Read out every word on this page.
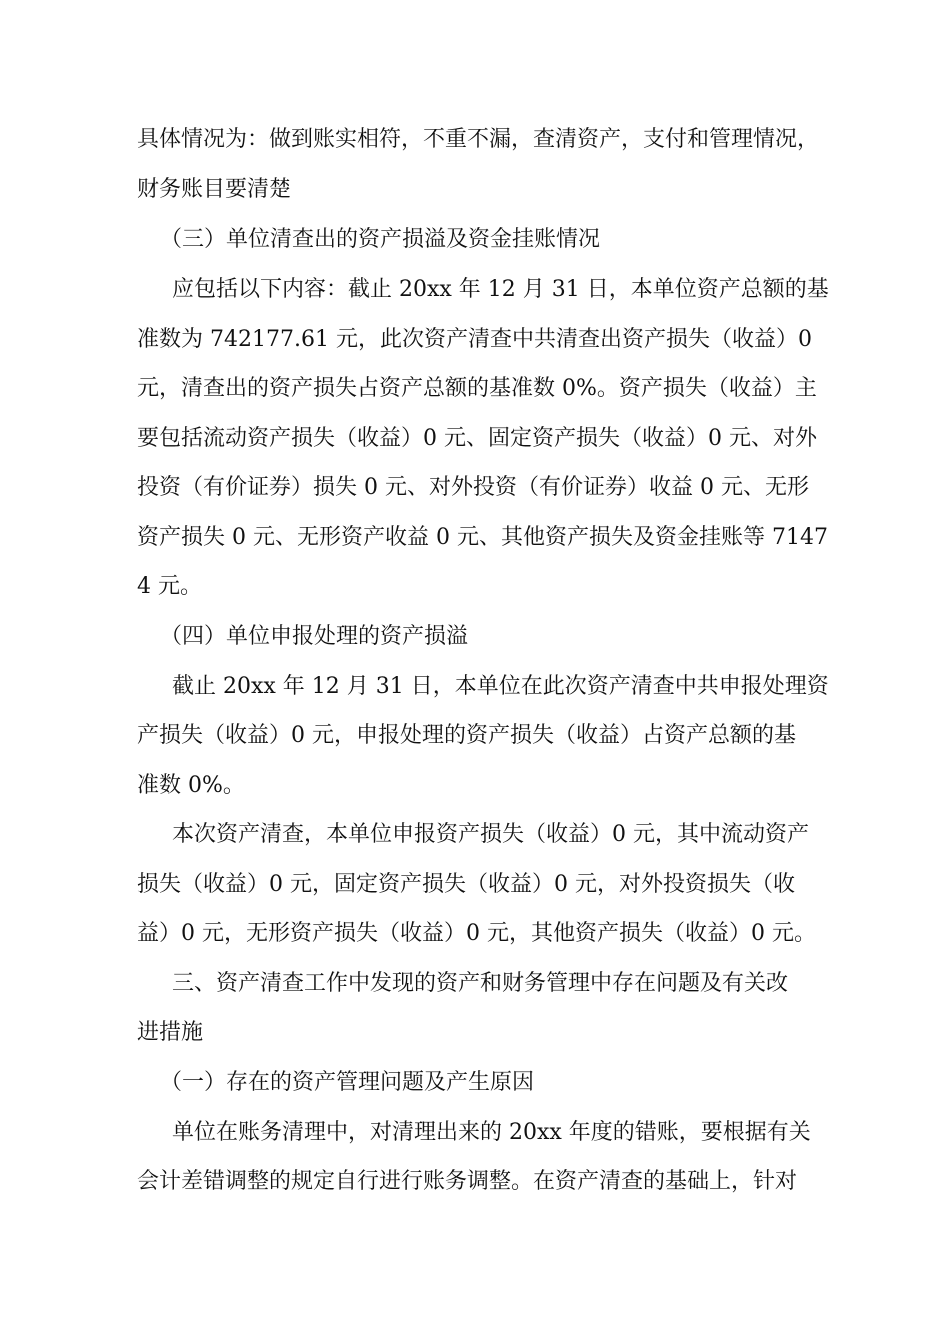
具体情况为：做到账实相符，不重不漏，查清资产，支付和管理情况，
财务账目要清楚
（三）单位清查出的资产损溢及资金挂账情况
应包括以下内容：截止 20xx 年 12 月 31 日，本单位资产总额的基
准数为 742177.61 元，此次资产清查中共清查出资产损失（收益）0
元，清查出的资产损失占资产总额的基准数 0%。资产损失（收益）主
要包括流动资产损失（收益）0 元、固定资产损失（收益）0 元、对外
投资（有价证券）损失 0 元、对外投资（有价证券）收益 0 元、无形
资产损失 0 元、无形资产收益 0 元、其他资产损失及资金挂账等 7147
4 元。
（四）单位申报处理的资产损溢
截止 20xx 年 12 月 31 日，本单位在此次资产清查中共申报处理资
产损失（收益）0 元，申报处理的资产损失（收益）占资产总额的基
准数 0%。
本次资产清查，本单位申报资产损失（收益）0 元，其中流动资产
损失（收益）0 元，固定资产损失（收益）0 元，对外投资损失（收
益）0 元，无形资产损失（收益）0 元，其他资产损失（收益）0 元。
三、资产清查工作中发现的资产和财务管理中存在问题及有关改
进措施
（一）存在的资产管理问题及产生原因
单位在账务清理中，对清理出来的 20xx 年度的错账，要根据有关
会计差错调整的规定自行进行账务调整。在资产清查的基础上，针对
